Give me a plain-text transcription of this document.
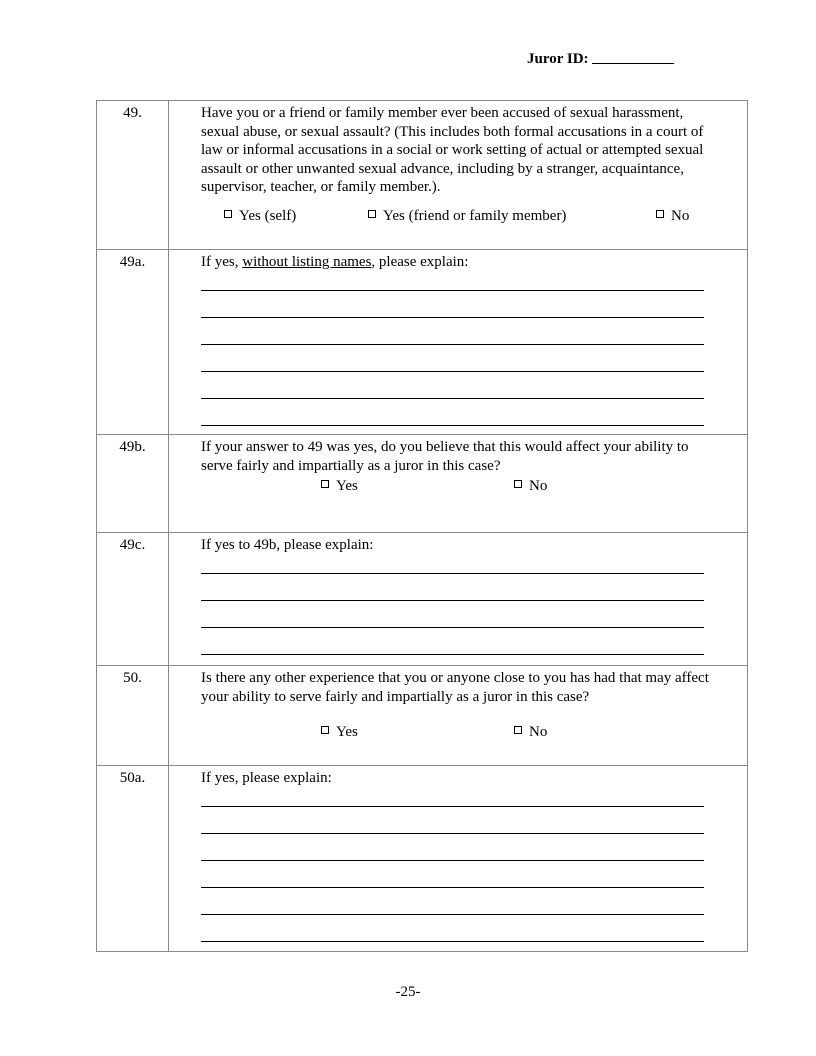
Juror ID:
49.	Have you or a friend or family member ever been accused of sexual harassment, sexual abuse, or sexual assault? (This includes both formal accusations in a court of law or informal accusations in a social or work setting of actual or attempted sexual assault or other unwanted sexual advance, including by a stranger, acquaintance, supervisor, teacher, or family member.).

Yes (self) Yes (friend or family member) No

49a.	If yes, without listing names, please explain:

49b.	If your answer to 49 was yes, do you believe that this would affect your ability to serve fairly and impartially as a juror in this case?

Yes No

49c.	If yes to 49b, please explain:

50.	Is there any other experience that you or anyone close to you has had that may affect your ability to serve fairly and impartially as a juror in this case?

Yes No

50a.	If yes, please explain:

-25-
